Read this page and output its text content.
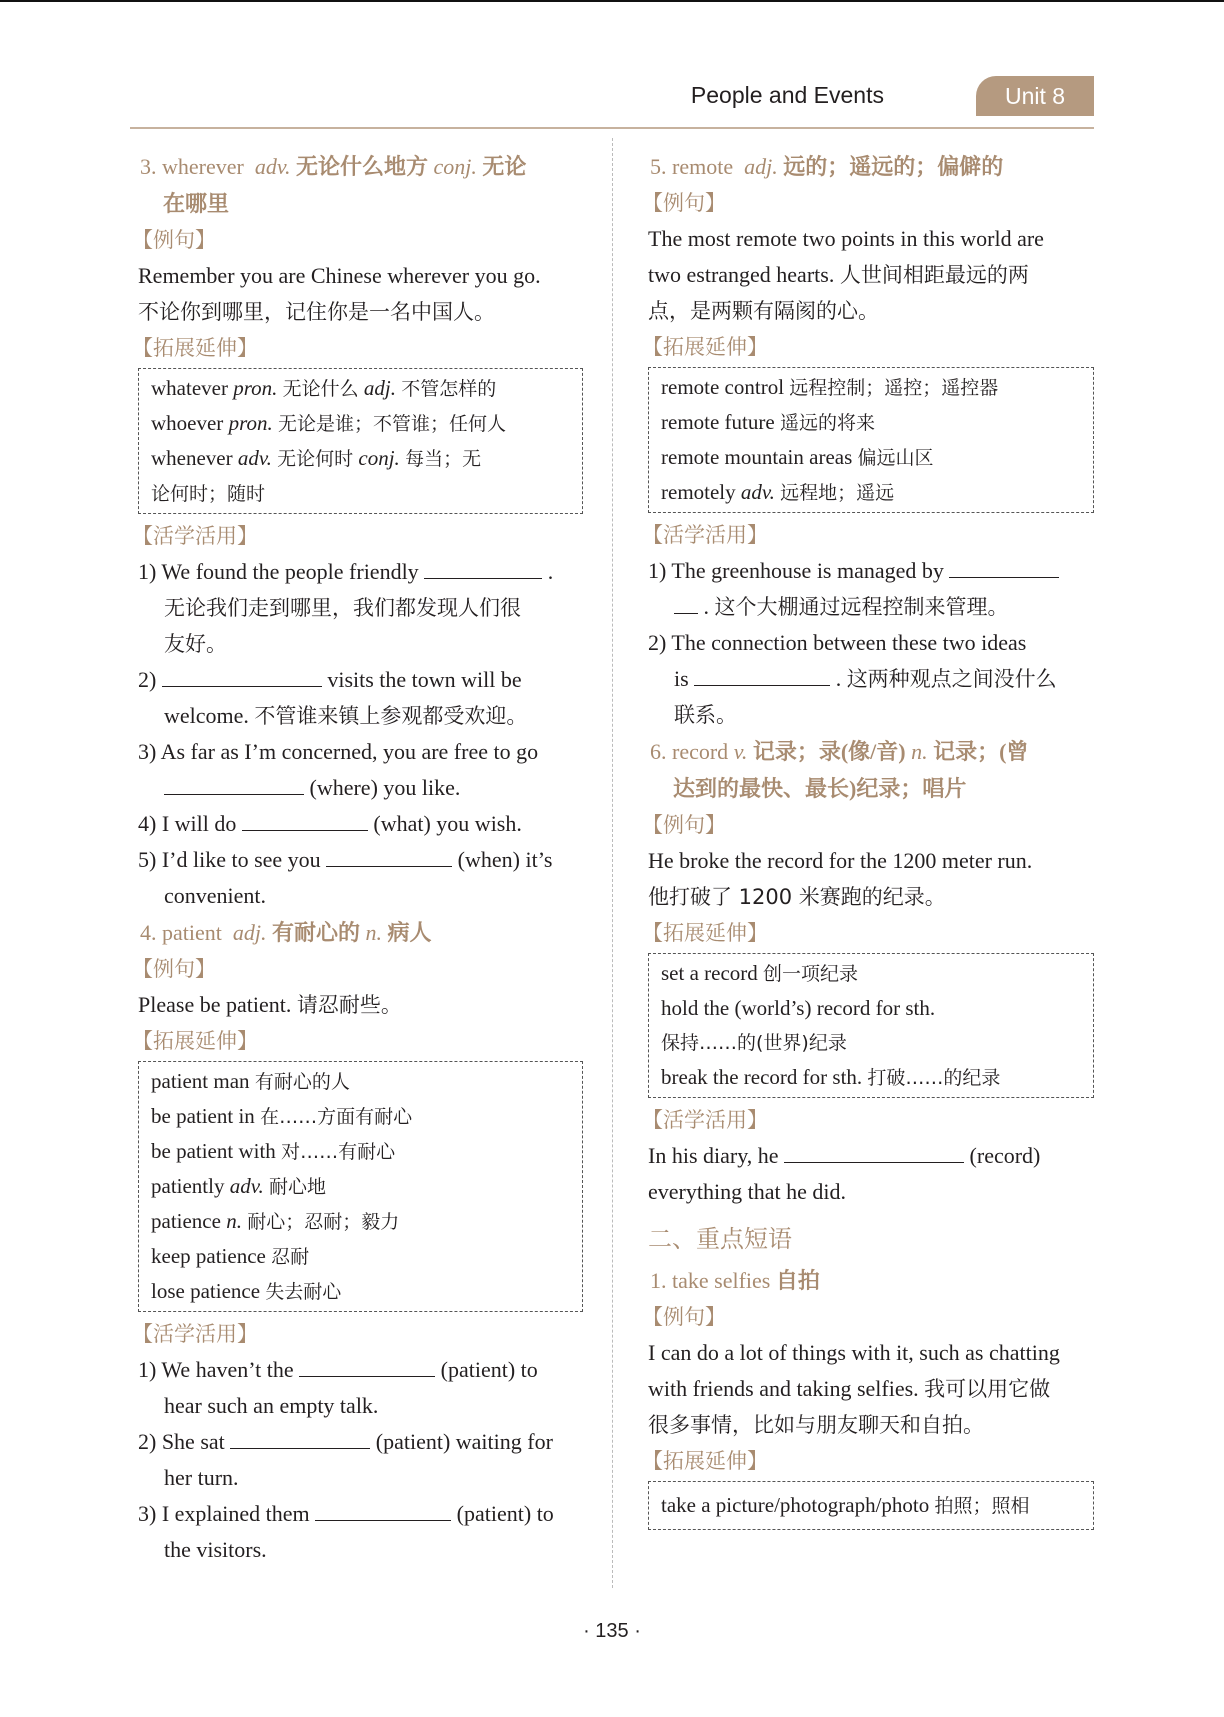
People and Events	Unit 8
3. wherever adv. 无论什么地方 conj. 无论
在哪里
【例句】
Remember you are Chinese wherever you go.
不论你到哪里，记住你是一名中国人。
【拓展延伸】
whatever pron. 无论什么 adj. 不管怎样的
whoever pron. 无论是谁；不管谁；任何人
whenever adv. 无论何时 conj. 每当；无
论何时；随时
【活学活用】
1) We found the people friendly	.
无论我们走到哪里，我们都发现人们很
友好。
2)	visits the town will be
welcome. 不管谁来镇上参观都受欢迎。
3) As far as I’m concerned, you are free to go
(where) you like.
4) I will do	(what) you wish.
5) I’d like to see you	(when) it’s
convenient.
4. patient adj. 有耐心的 n. 病人
【例句】
Please be patient. 请忍耐些。
【拓展延伸】
patient man 有耐心的人
be patient in 在……方面有耐心
be patient with 对……有耐心
patiently adv. 耐心地
patience n. 耐心；忍耐；毅力
keep patience 忍耐
lose patience 失去耐心
【活学活用】
1) We haven’t the	(patient) to
hear such an empty talk.
2) She sat	(patient) waiting for
her turn.
3) I explained them	(patient) to
the visitors.
5. remote adj. 远的；遥远的；偏僻的
【例句】
The most remote two points in this world are
two estranged hearts. 人世间相距最远的两
点，是两颗有隔阂的心。
【拓展延伸】
remote control 远程控制；遥控；遥控器
remote future 遥远的将来
remote mountain areas 偏远山区
remotely adv. 远程地；遥远
【活学活用】
1) The greenhouse is managed by
. 这个大棚通过远程控制来管理。
2) The connection between these two ideas
is	. 这两种观点之间没什么
联系。
6. record v. 记录；录(像/音) n. 记录；(曾
达到的最快、最长)纪录；唱片
【例句】
He broke the record for the 1200 meter run.
他打破了 1200 米赛跑的纪录。
【拓展延伸】
set a record 创一项纪录
hold the (world’s) record for sth.
保持……的(世界)纪录
break the record for sth. 打破……的纪录
【活学活用】
In his diary, he	(record)
everything that he did.
二、重点短语
1. take selfies 自拍
【例句】
I can do a lot of things with it, such as chatting
with friends and taking selfies. 我可以用它做
很多事情，比如与朋友聊天和自拍。
【拓展延伸】
take a picture/photograph/photo 拍照；照相
· 135 ·
